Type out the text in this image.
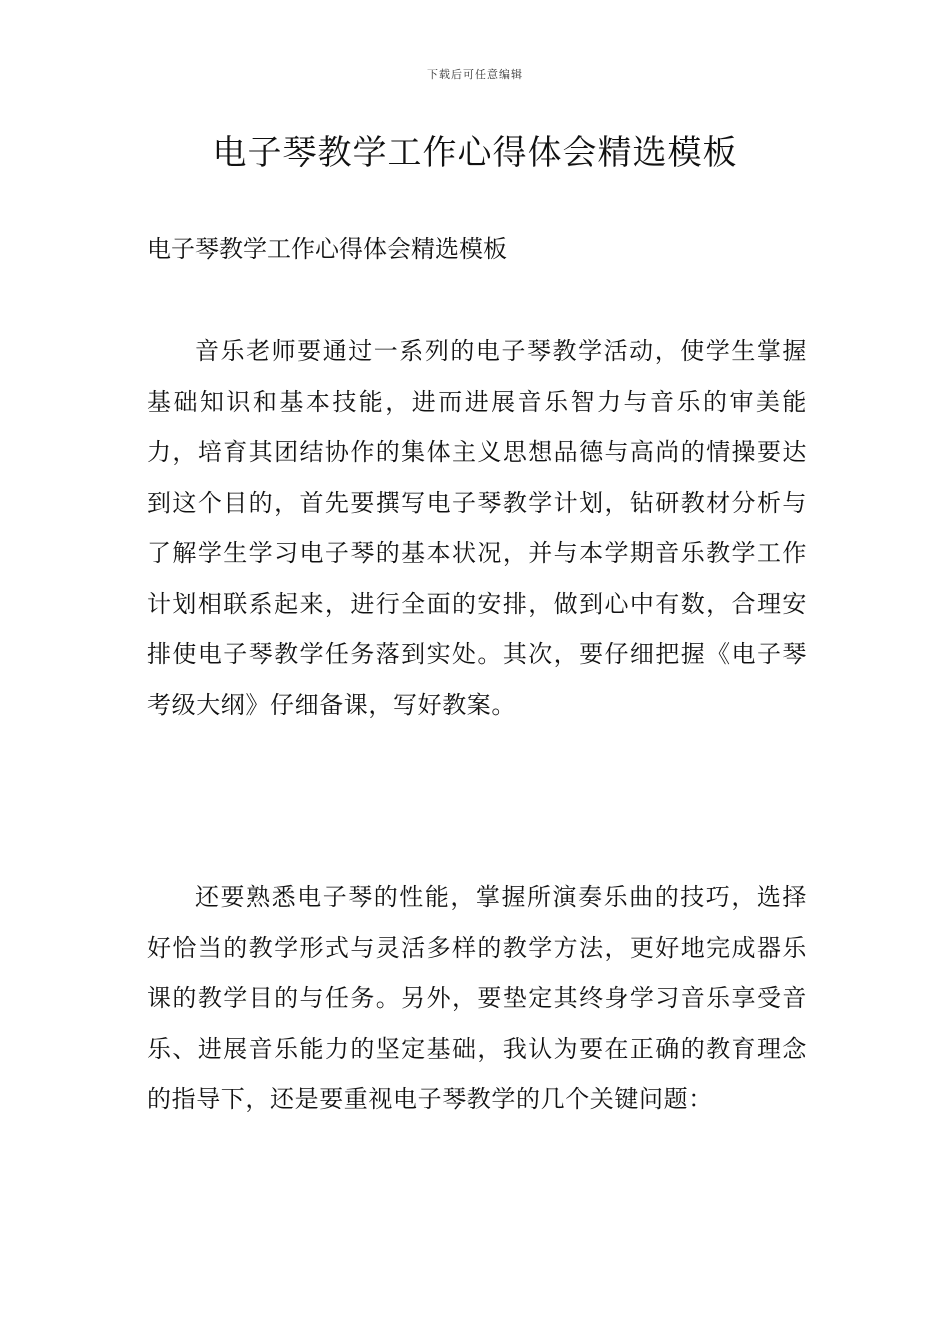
下载后可任意编辑
电子琴教学工作心得体会精选模板
电子琴教学工作心得体会精选模板

音乐老师要通过一系列的电子琴教学活动，使学生掌握基础知识和基本技能，进而进展音乐智力与音乐的审美能力，培育其团结协作的集体主义思想品德与高尚的情操要达到这个目的，首先要撰写电子琴教学计划，钻研教材分析与了解学生学习电子琴的基本状况，并与本学期音乐教学工作计划相联系起来，进行全面的安排，做到心中有数，合理安排使电子琴教学任务落到实处。其次，要仔细把握《电子琴考级大纲》仔细备课，写好教案。

还要熟悉电子琴的性能，掌握所演奏乐曲的技巧，选择好恰当的教学形式与灵活多样的教学方法，更好地完成器乐课的教学目的与任务。另外，要垫定其终身学习音乐享受音乐、进展音乐能力的坚定基础，我认为要在正确的教育理念的指导下，还是要重视电子琴教学的几个关键问题：
